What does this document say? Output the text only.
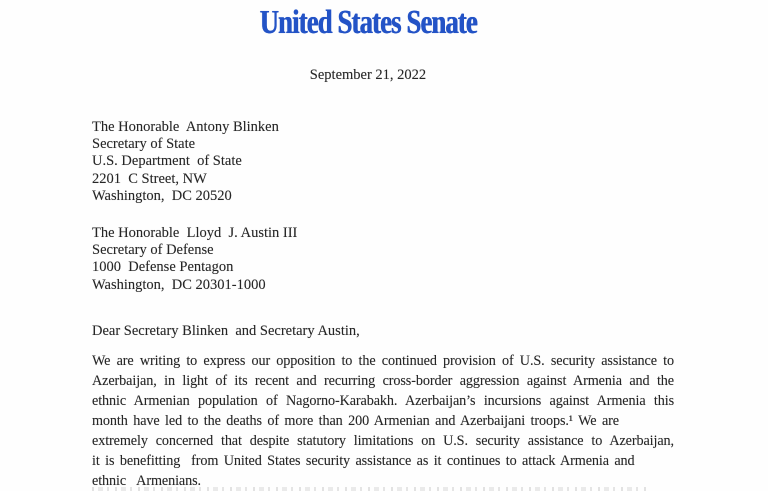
United States Senate
September 21, 2022
The Honorable  Antony Blinken
Secretary of State
U.S. Department  of State
2201  C Street, NW
Washington,  DC 20520
The Honorable  Lloyd  J. Austin III
Secretary of Defense
1000  Defense Pentagon
Washington,  DC 20301-1000
Dear Secretary Blinken  and Secretary Austin,
We are writing to express our opposition to the continued provision of U.S. security assistance to
Azerbaijan, in light of its recent and recurring cross-border aggression against Armenia and the
ethnic Armenian population of Nagorno-Karabakh. Azerbaijan’s incursions against Armenia this
month have led to the deaths of more than 200 Armenian and Azerbaijani troops.¹ We are
extremely concerned that despite statutory limitations on U.S. security assistance to Azerbaijan,
it is benefitting  from United States security assistance as it continues to attack Armenia and
ethnic  Armenians.
